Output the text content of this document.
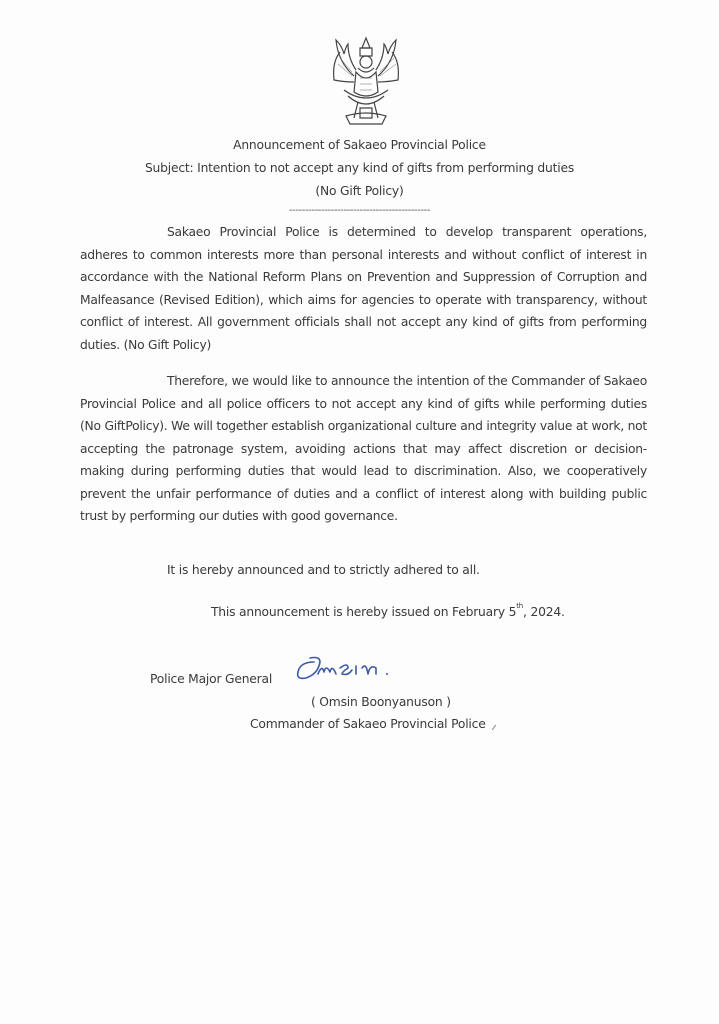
Announcement of Sakaeo Provincial Police
Subject: Intention to not accept any kind of gifts from performing duties
(No Gift Policy)
--------------------------------------------
Sakaeo Provincial Police is determined to develop transparent operations, adheres to common interests more than personal interests and without conflict of interest in accordance with the National Reform Plans on Prevention and Suppression of Corruption and Malfeasance (Revised Edition), which aims for agencies to operate with transparency, without conflict of interest. All government officials shall not accept any kind of gifts from performing duties. (No Gift Policy)
Therefore, we would like to announce the intention of the Commander of Sakaeo Provincial Police and all police officers to not accept any kind of gifts while performing duties (No GiftPolicy). We will together establish organizational culture and integrity value at work, not accepting the patronage system, avoiding actions that may affect discretion or decision-making during performing duties that would lead to discrimination. Also, we cooperatively prevent the unfair performance of duties and a conflict of interest along with building public trust by performing our duties with good governance.
It is hereby announced and to strictly adhered to all.
This announcement is hereby issued on February 5th, 2024.
Police Major General
( Omsin Boonyanuson )
Commander of Sakaeo Provincial Police
